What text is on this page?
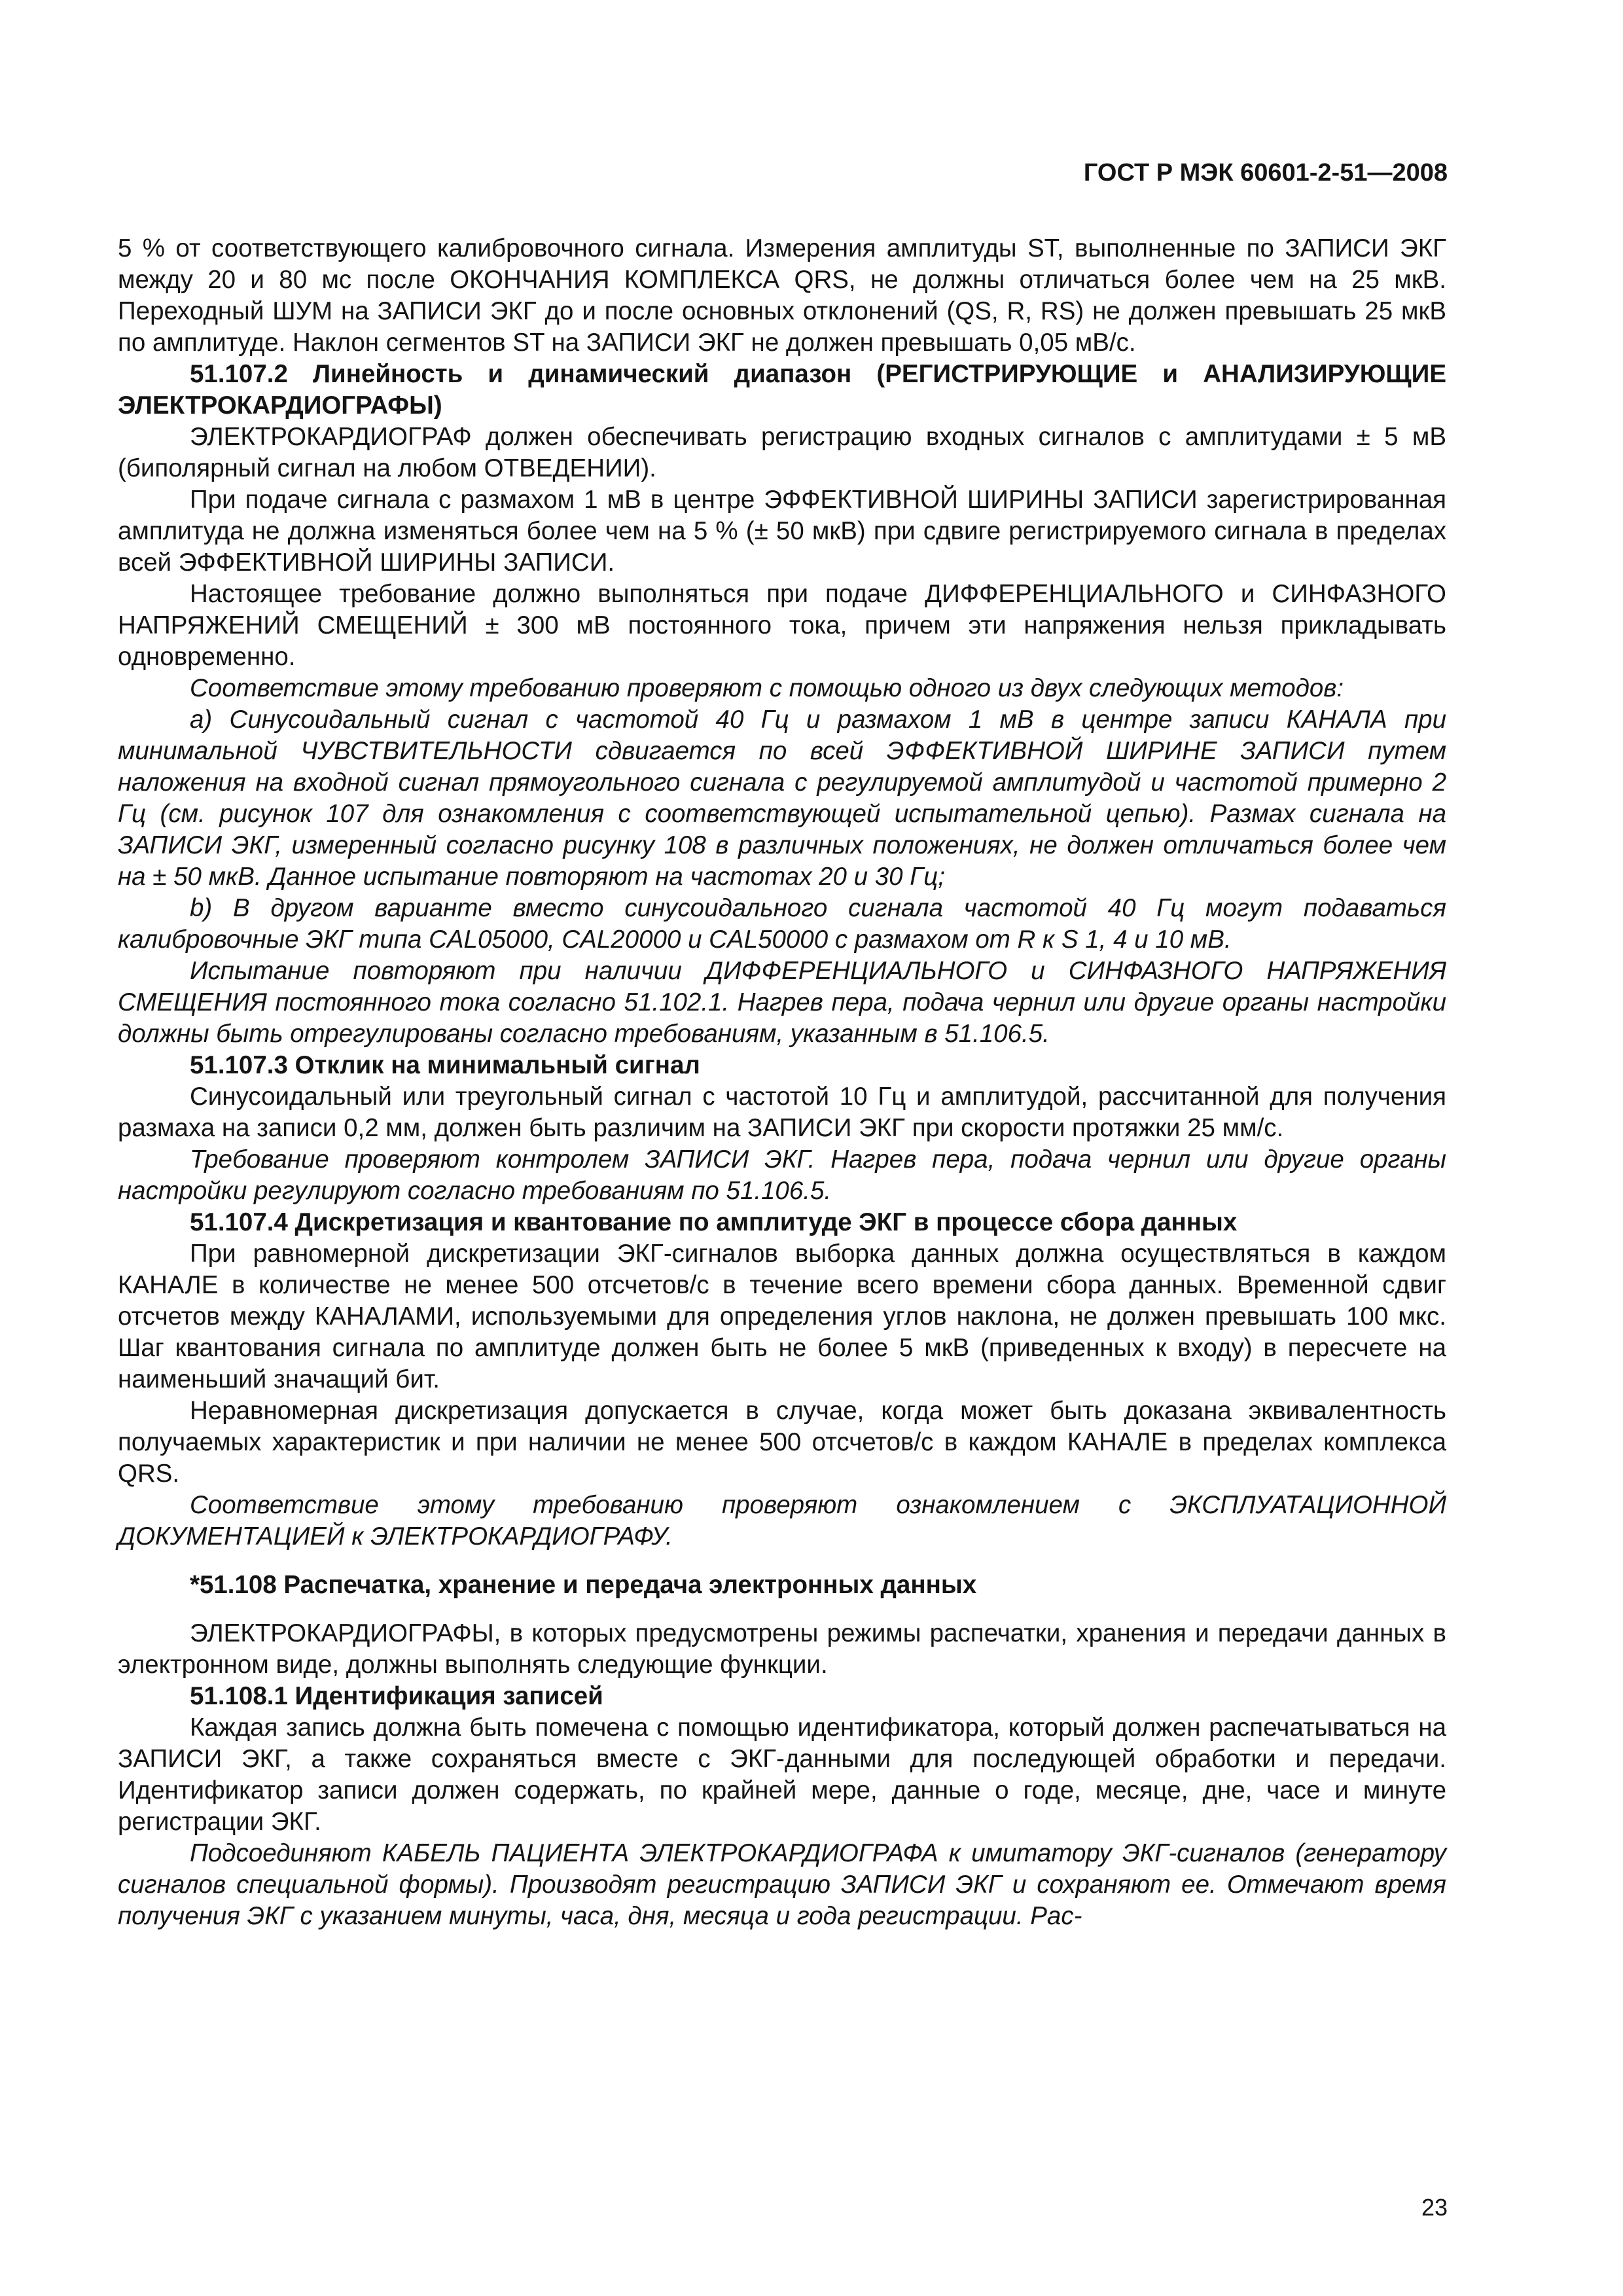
ГОСТ Р МЭК 60601-2-51—2008

5 % от соответствующего калибровочного сигнала. Измерения амплитуды ST, выполненные по ЗАПИСИ ЭКГ между 20 и 80 мс после ОКОНЧАНИЯ КОМПЛЕКСА QRS, не должны отличаться более чем на 25 мкВ. Переходный ШУМ на ЗАПИСИ ЭКГ до и после основных отклонений (QS, R, RS) не должен превышать 25 мкВ по амплитуде. Наклон сегментов ST на ЗАПИСИ ЭКГ не должен превышать 0,05 мВ/с.

51.107.2 Линейность и динамический диапазон (РЕГИСТРИРУЮЩИЕ и АНАЛИЗИРУЮЩИЕ ЭЛЕКТРОКАРДИОГРАФЫ)

ЭЛЕКТРОКАРДИОГРАФ должен обеспечивать регистрацию входных сигналов с амплитудами ± 5 мВ (биполярный сигнал на любом ОТВЕДЕНИИ).

При подаче сигнала с размахом 1 мВ в центре ЭФФЕКТИВНОЙ ШИРИНЫ ЗАПИСИ зарегистрированная амплитуда не должна изменяться более чем на 5 % (± 50 мкВ) при сдвиге регистрируемого сигнала в пределах всей ЭФФЕКТИВНОЙ ШИРИНЫ ЗАПИСИ.

Настоящее требование должно выполняться при подаче ДИФФЕРЕНЦИАЛЬНОГО и СИНФАЗНОГО НАПРЯЖЕНИЙ СМЕЩЕНИЙ ± 300 мВ постоянного тока, причем эти напряжения нельзя прикладывать одновременно.

Соответствие этому требованию проверяют с помощью одного из двух следующих методов:

a) Синусоидальный сигнал с частотой 40 Гц и размахом 1 мВ в центре записи КАНАЛА при минимальной ЧУВСТВИТЕЛЬНОСТИ сдвигается по всей ЭФФЕКТИВНОЙ ШИРИНЕ ЗАПИСИ путем наложения на входной сигнал прямоугольного сигнала с регулируемой амплитудой и частотой примерно 2 Гц (см. рисунок 107 для ознакомления с соответствующей испытательной цепью). Размах сигнала на ЗАПИСИ ЭКГ, измеренный согласно рисунку 108 в различных положениях, не должен отличаться более чем на ± 50 мкВ. Данное испытание повторяют на частотах 20 и 30 Гц;

b) В другом варианте вместо синусоидального сигнала частотой 40 Гц могут подаваться калибровочные ЭКГ типа CAL05000, CAL20000 и CAL50000 с размахом от R к S 1, 4 и 10 мВ.

Испытание повторяют при наличии ДИФФЕРЕНЦИАЛЬНОГО и СИНФАЗНОГО НАПРЯЖЕНИЯ СМЕЩЕНИЯ постоянного тока согласно 51.102.1. Нагрев пера, подача чернил или другие органы настройки должны быть отрегулированы согласно требованиям, указанным в 51.106.5.

51.107.3 Отклик на минимальный сигнал

Синусоидальный или треугольный сигнал с частотой 10 Гц и амплитудой, рассчитанной для получения размаха на записи 0,2 мм, должен быть различим на ЗАПИСИ ЭКГ при скорости протяжки 25 мм/с.

Требование проверяют контролем ЗАПИСИ ЭКГ. Нагрев пера, подача чернил или другие органы настройки регулируют согласно требованиям по 51.106.5.

51.107.4 Дискретизация и квантование по амплитуде ЭКГ в процессе сбора данных

При равномерной дискретизации ЭКГ-сигналов выборка данных должна осуществляться в каждом КАНАЛЕ в количестве не менее 500 отсчетов/с в течение всего времени сбора данных. Временной сдвиг отсчетов между КАНАЛАМИ, используемыми для определения углов наклона, не должен превышать 100 мкс. Шаг квантования сигнала по амплитуде должен быть не более 5 мкВ (приведенных к входу) в пересчете на наименьший значащий бит.

Неравномерная дискретизация допускается в случае, когда может быть доказана эквивалентность получаемых характеристик и при наличии не менее 500 отсчетов/с в каждом КАНАЛЕ в пределах комплекса QRS.

Соответствие этому требованию проверяют ознакомлением с ЭКСПЛУАТАЦИОННОЙ ДОКУМЕНТАЦИЕЙ к ЭЛЕКТРОКАРДИОГРАФУ.

*51.108 Распечатка, хранение и передача электронных данных

ЭЛЕКТРОКАРДИОГРАФЫ, в которых предусмотрены режимы распечатки, хранения и передачи данных в электронном виде, должны выполнять следующие функции.

51.108.1 Идентификация записей

Каждая запись должна быть помечена с помощью идентификатора, который должен распечатываться на ЗАПИСИ ЭКГ, а также сохраняться вместе с ЭКГ-данными для последующей обработки и передачи. Идентификатор записи должен содержать, по крайней мере, данные о годе, месяце, дне, часе и минуте регистрации ЭКГ.

Подсоединяют КАБЕЛЬ ПАЦИЕНТА ЭЛЕКТРОКАРДИОГРАФА к имитатору ЭКГ-сигналов (генератору сигналов специальной формы). Производят регистрацию ЗАПИСИ ЭКГ и сохраняют ее. Отмечают время получения ЭКГ с указанием минуты, часа, дня, месяца и года регистрации. Рас-

23
